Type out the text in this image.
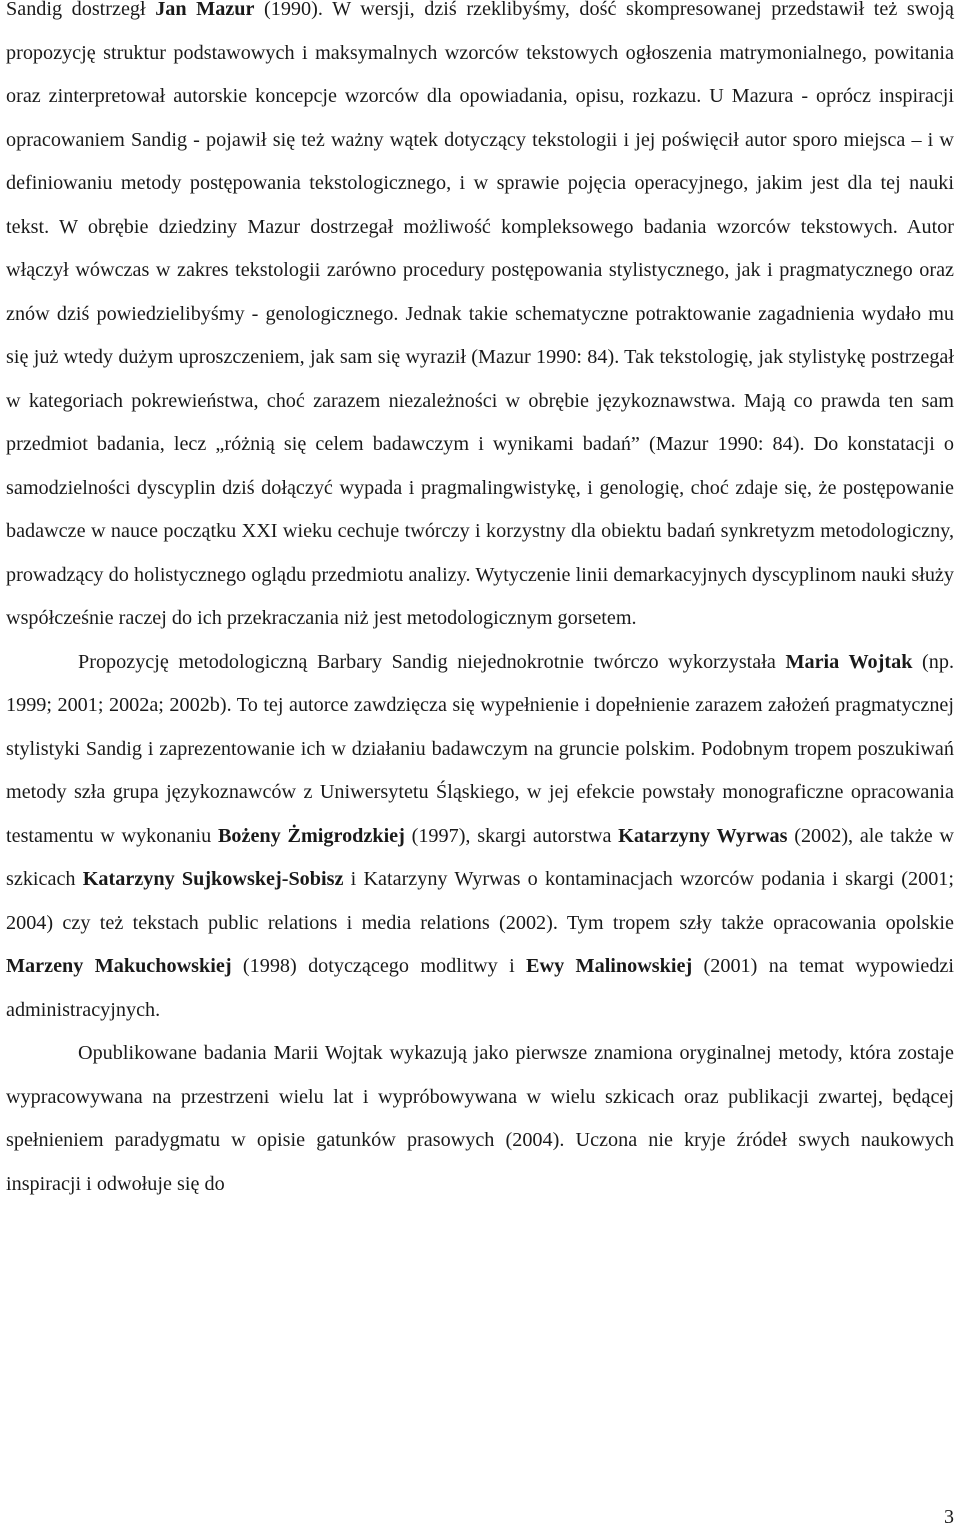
Sandig dostrzegł Jan Mazur (1990). W wersji, dziś rzeklibyśmy, dość skompresowanej przedstawił też swoją propozycję struktur podstawowych i maksymalnych wzorców tekstowych ogłoszenia matrymonialnego, powitania oraz zinterpretował autorskie koncepcje wzorców dla opowiadania, opisu, rozkazu. U Mazura - oprócz inspiracji opracowaniem Sandig - pojawił się też ważny wątek dotyczący tekstologii i jej poświęcił autor sporo miejsca – i w definiowaniu metody postępowania tekstologicznego, i w sprawie pojęcia operacyjnego, jakim jest dla tej nauki tekst. W obrębie dziedziny Mazur dostrzegał możliwość kompleksowego badania wzorców tekstowych. Autor włączył wówczas w zakres tekstologii zarówno procedury postępowania stylistycznego, jak i pragmatycznego oraz znów dziś powiedzielibyśmy - genologicznego. Jednak takie schematyczne potraktowanie zagadnienia wydało mu się już wtedy dużym uproszczeniem, jak sam się wyraził (Mazur 1990: 84). Tak tekstologię, jak stylistykę postrzegał w kategoriach pokrewieństwa, choć zarazem niezależności w obrębie językoznawstwa. Mają co prawda ten sam przedmiot badania, lecz „różnią się celem badawczym i wynikami badań” (Mazur 1990: 84). Do konstatacji o samodzielności dyscyplin dziś dołączyć wypada i pragmalingwistykę, i genologię, choć zdaje się, że postępowanie badawcze w nauce początku XXI wieku cechuje twórczy i korzystny dla obiektu badań synkretyzm metodologiczny, prowadzący do holistycznego oglądu przedmiotu analizy. Wytyczenie linii demarkacyjnych dyscyplinom nauki służy współcześnie raczej do ich przekraczania niż jest metodologicznym gorsetem.

Propozycję metodologiczną Barbary Sandig niejednokrotnie twórczo wykorzystała Maria Wojtak (np. 1999; 2001; 2002a; 2002b). To tej autorce zawdzięcza się wypełnienie i dopełnienie zarazem założeń pragmatycznej stylistyki Sandig i zaprezentowanie ich w działaniu badawczym na gruncie polskim. Podobnym tropem poszukiwań metody szła grupa językoznawców z Uniwersytetu Śląskiego, w jej efekcie powstały monograficzne opracowania testamentu w wykonaniu Bożeny Żmigrodzkiej (1997), skargi autorstwa Katarzyny Wyrwas (2002), ale także w szkicach Katarzyny Sujkowskej-Sobisz i Katarzyny Wyrwas o kontaminacjach wzorców podania i skargi (2001; 2004) czy też tekstach public relations i media relations (2002). Tym tropem szły także opracowania opolskie Marzeny Makuchowskiej (1998) dotyczącego modlitwy i Ewy Malinowskiej (2001) na temat wypowiedzi administracyjnych.

Opublikowane badania Marii Wojtak wykazują jako pierwsze znamiona oryginalnej metody, która zostaje wypracowywana na przestrzeni wielu lat i wypróbowywana w wielu szkicach oraz publikacji zwartej, będącej spełnieniem paradygmatu w opisie gatunków prasowych (2004). Uczona nie kryje źródeł swych naukowych inspiracji i odwołuje się do

3
